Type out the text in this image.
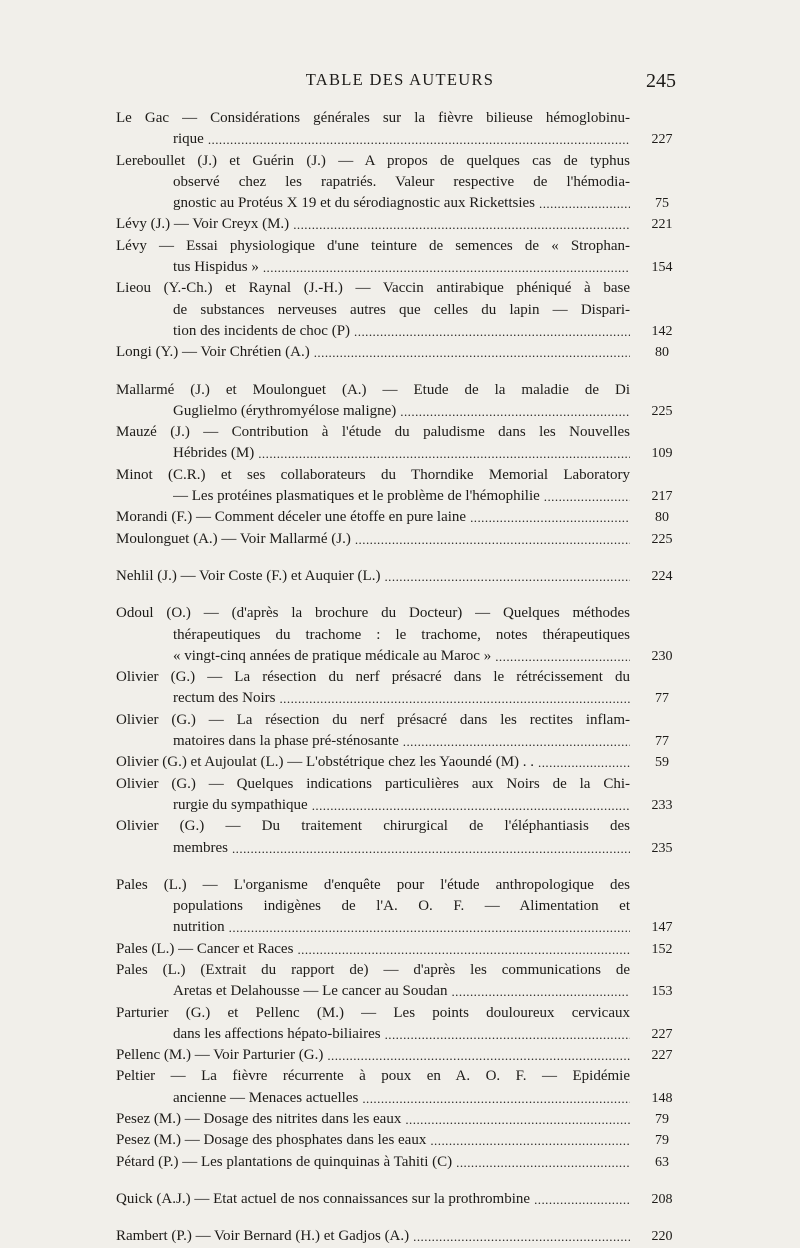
TABLE DES AUTEURS	245
Le Gac — Considérations générales sur la fièvre bilieuse hémoglobinu-
rique
. . .	227
Lereboullet (J.) et Guérin (J.) — A propos de quelques cas de typhus
observé chez les rapatriés. Valeur respective de l'hémodia-
gnostic au Protéus X 19 et du sérodiagnostic aux Rickettsies
. . .	75
Lévy (J.) — Voir Creyx (M.)
. . .	221
Lévy — Essai physiologique d'une teinture de semences de « Strophan-
tus Hispidus »
. . .	154
Lieou (Y.-Ch.) et Raynal (J.-H.) — Vaccin antirabique phéniqué à base
de substances nerveuses autres que celles du lapin — Dispari-
tion des incidents de choc (P)
. . .	142
Longi (Y.) — Voir Chrétien (A.)
. . .	80
Mallarmé (J.) et Moulonguet (A.) — Etude de la maladie de Di
Guglielmo (érythromyélose maligne)
. . .	225
Mauzé (J.) — Contribution à l'étude du paludisme dans les Nouvelles
Hébrides (M)
. . .	109
Minot (C.R.) et ses collaborateurs du Thorndike Memorial Laboratory
— Les protéines plasmatiques et le problème de l'hémophilie
. . .	217
Morandi (F.) — Comment déceler une étoffe en pure laine
. . .	80
Moulonguet (A.) — Voir Mallarmé (J.)
. . .	225
Nehlil (J.) — Voir Coste (F.) et Auquier (L.)
. . .	224
Odoul (O.) — (d'après la brochure du Docteur) — Quelques méthodes
thérapeutiques du trachome : le trachome, notes thérapeutiques
« vingt-cinq années de pratique médicale au Maroc »
. . .	230
Olivier (G.) — La résection du nerf présacré dans le rétrécissement du
rectum des Noirs
. . .	77
Olivier (G.) — La résection du nerf présacré dans les rectites inflam-
matoires dans la phase pré-sténosante
. . .	77
Olivier (G.) et Aujoulat (L.) — L'obstétrique chez les Yaoundé (M) . .
. . .	59
Olivier (G.) — Quelques indications particulières aux Noirs de la Chi-
rurgie du sympathique
. . .	233
Olivier (G.) — Du traitement chirurgical de l'éléphantiasis des
membres
. . .	235
Pales (L.) — L'organisme d'enquête pour l'étude anthropologique des
populations indigènes de l'A. O. F. — Alimentation et
nutrition
. . .	147
Pales (L.) — Cancer et Races
. . .	152
Pales (L.) (Extrait du rapport de) — d'après les communications de
Aretas et Delahousse — Le cancer au Soudan
. . .	153
Parturier (G.) et Pellenc (M.) — Les points douloureux cervicaux
dans les affections hépato-biliaires
. . .	227
Pellenc (M.) — Voir Parturier (G.)
. . .	227
Peltier — La fièvre récurrente à poux en A. O. F. — Epidémie
ancienne — Menaces actuelles
. . .	148
Pesez (M.) — Dosage des nitrites dans les eaux
. . .	79
Pesez (M.) — Dosage des phosphates dans les eaux
. . .	79
Pétard (P.) — Les plantations de quinquinas à Tahiti (C)
. . .	63
Quick (A.J.) — Etat actuel de nos connaissances sur la prothrombine
. . .	208
Rambert (P.) — Voir Bernard (H.) et Gadjos (A.)
. . .	220
